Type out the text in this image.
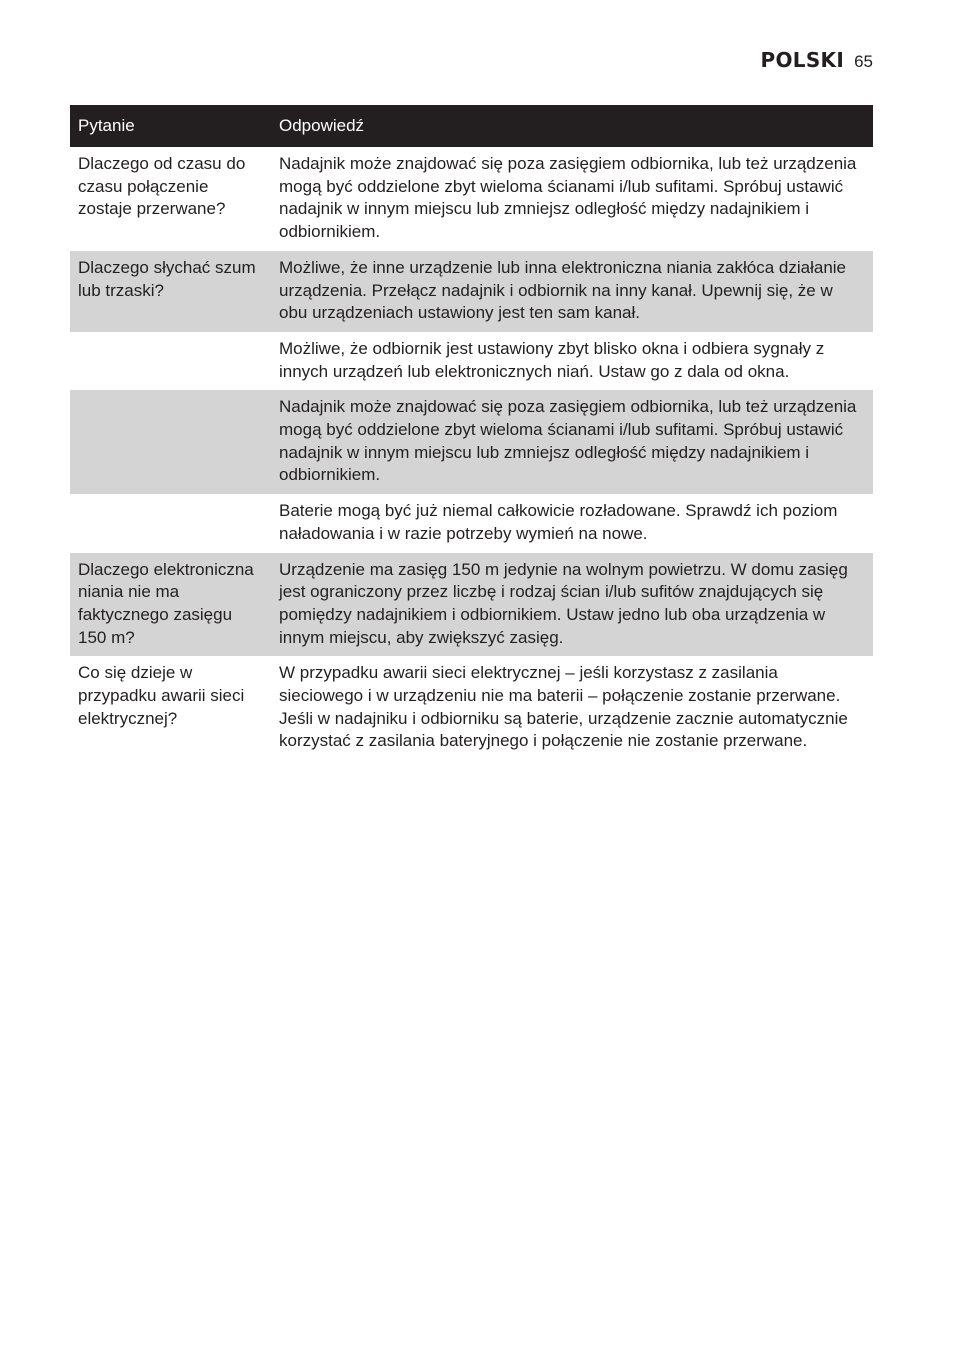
POLSKI 65
Pytanie	Odpowiedź
Dlaczego od czasu do czasu połączenie zostaje przerwane?	Nadajnik może znajdować się poza zasięgiem odbiornika, lub też urządzenia mogą być oddzielone zbyt wieloma ścianami i/lub sufitami. Spróbuj ustawić nadajnik w innym miejscu lub zmniejsz odległość między nadajnikiem i odbiornikiem.
Dlaczego słychać szum lub trzaski?	Możliwe, że inne urządzenie lub inna elektroniczna niania zakłóca działanie urządzenia. Przełącz nadajnik i odbiornik na inny kanał. Upewnij się, że w obu urządzeniach ustawiony jest ten sam kanał.
	Możliwe, że odbiornik jest ustawiony zbyt blisko okna i odbiera sygnały z innych urządzeń lub elektronicznych niań. Ustaw go z dala od okna.
	Nadajnik może znajdować się poza zasięgiem odbiornika, lub też urządzenia mogą być oddzielone zbyt wieloma ścianami i/lub sufitami. Spróbuj ustawić nadajnik w innym miejscu lub zmniejsz odległość między nadajnikiem i odbiornikiem.
	Baterie mogą być już niemal całkowicie rozładowane. Sprawdź ich poziom naładowania i w razie potrzeby wymień na nowe.
Dlaczego elektroniczna niania nie ma faktycznego zasięgu 150 m?	Urządzenie ma zasięg 150 m jedynie na wolnym powietrzu. W domu zasięg jest ograniczony przez liczbę i rodzaj ścian i/lub sufitów znajdujących się pomiędzy nadajnikiem i odbiornikiem. Ustaw jedno lub oba urządzenia w innym miejscu, aby zwiększyć zasięg.
Co się dzieje w przypadku awarii sieci elektrycznej?	W przypadku awarii sieci elektrycznej – jeśli korzystasz z zasilania sieciowego i w urządzeniu nie ma baterii – połączenie zostanie przerwane. Jeśli w nadajniku i odbiorniku są baterie, urządzenie zacznie automatycznie korzystać z zasilania bateryjnego i połączenie nie zostanie przerwane.
